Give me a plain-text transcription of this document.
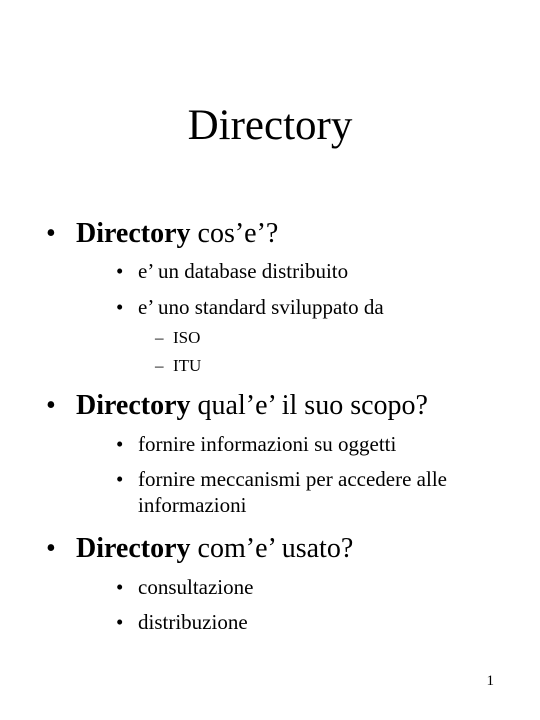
Directory
• Directory cos’e’?
• e’ un database distribuito
• e’ uno standard sviluppato da
– ISO
– ITU
• Directory qual’e’ il suo scopo?
• fornire informazioni su oggetti
• fornire meccanismi per accedere alle informazioni
• Directory com’e’ usato?
• consultazione
• distribuzione
1
